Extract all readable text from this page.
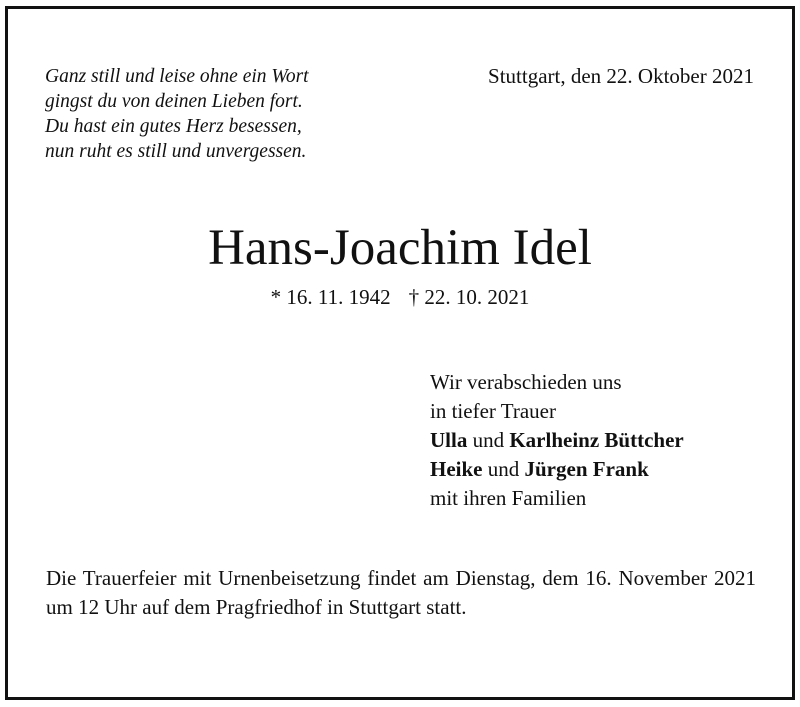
Ganz still und leise ohne ein Wort
gingst du von deinen Lieben fort.
Du hast ein gutes Herz besessen,
nun ruht es still und unvergessen.
Stuttgart, den 22. Oktober 2021
Hans-Joachim Idel
* 16. 11. 1942 † 22. 10. 2021
Wir verabschieden uns
in tiefer Trauer
Ulla und Karlheinz Büttcher
Heike und Jürgen Frank
mit ihren Familien
Die Trauerfeier mit Urnenbeisetzung findet am Dienstag, dem 16. November 2021 um 12 Uhr auf dem Pragfriedhof in Stuttgart statt.
